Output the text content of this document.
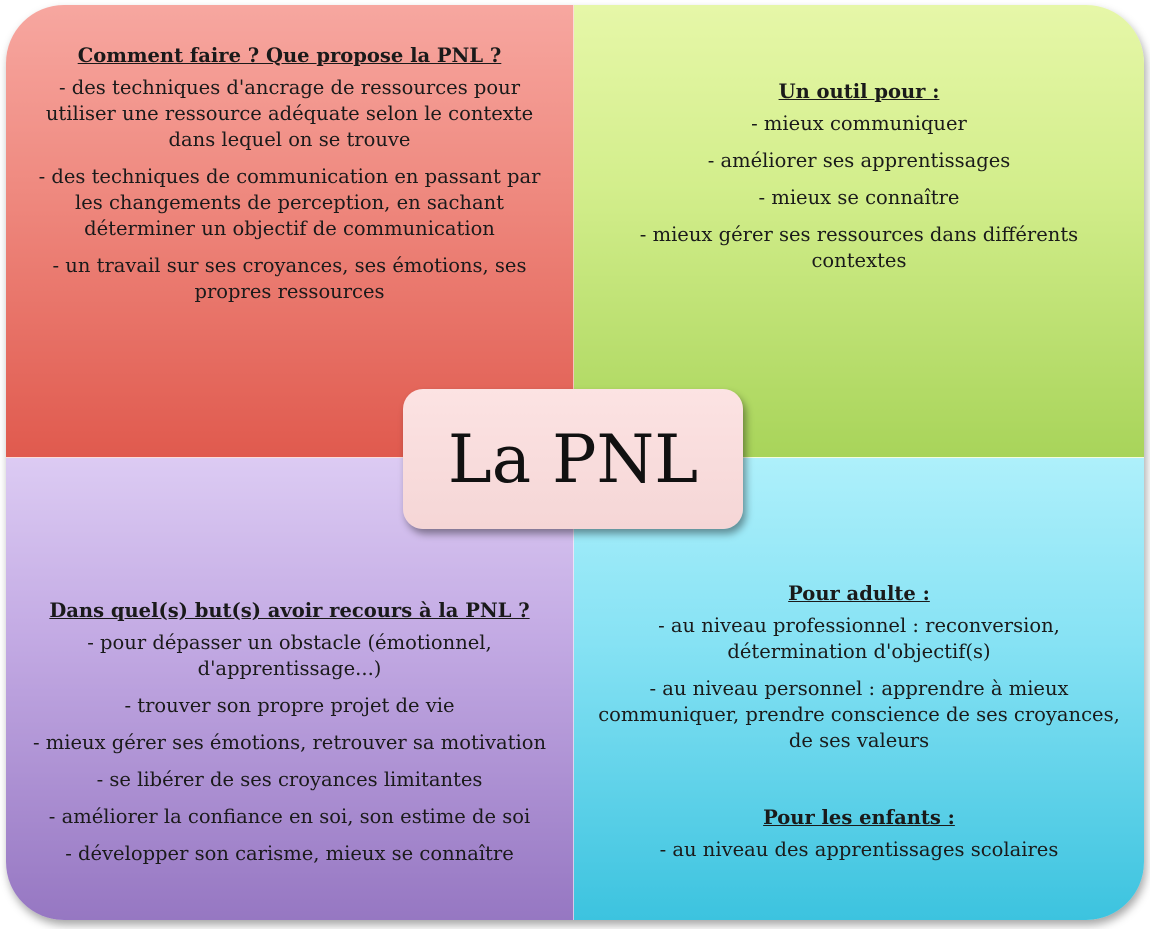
Comment faire ? Que propose la PNL ?
- des techniques d'ancrage de ressources pour utiliser une ressource adéquate selon le contexte dans lequel on se trouve
- des techniques de communication en passant par les changements de perception, en sachant déterminer un objectif de communication
- un travail sur ses croyances, ses émotions, ses propres ressources
Un outil pour :
- mieux communiquer
- améliorer ses apprentissages
- mieux se connaître
- mieux gérer ses ressources dans différents contextes
Dans quel(s) but(s) avoir recours à la PNL ?
- pour dépasser un obstacle (émotionnel, d'apprentissage...)
- trouver son propre projet de vie
- mieux gérer ses émotions, retrouver sa motivation
- se libérer de ses croyances limitantes
- améliorer la confiance en soi, son estime de soi
- développer son carisme, mieux se connaître
Pour adulte :
- au niveau professionnel : reconversion, détermination d'objectif(s)
- au niveau personnel : apprendre à mieux communiquer, prendre conscience de ses croyances, de ses valeurs
Pour les enfants :
- au niveau des apprentissages scolaires
La PNL
